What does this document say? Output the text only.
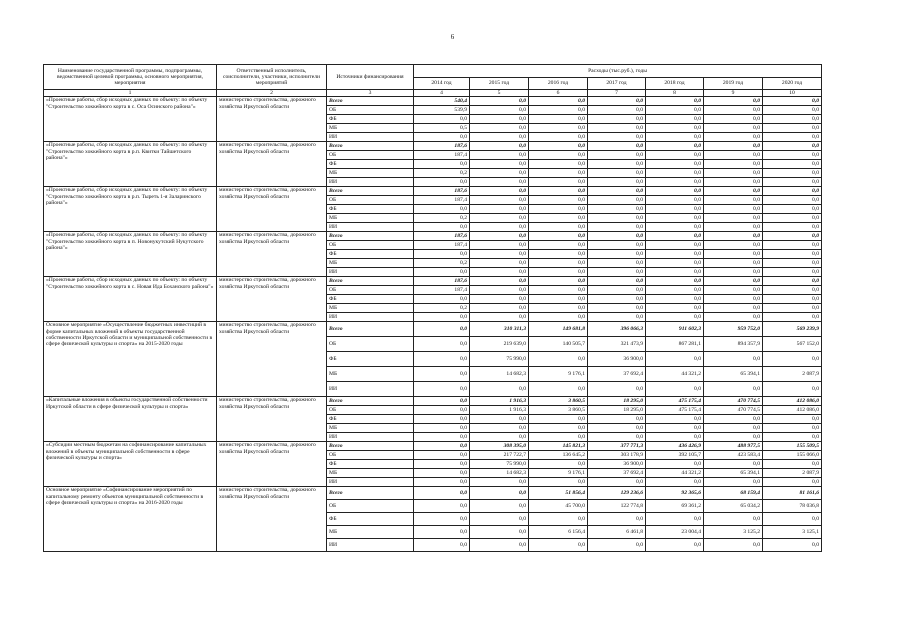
6
Наименование государственной программы, подпрограммы, ведомственной целевой программы, основного мероприятия, мероприятия	Ответственный исполнитель, соисполнители, участники, исполнители мероприятий	Источники финансирования	Расходы (тыс.руб.), годы						
			2014 год	2015 год	2016 год	2017 год	2018 год	2019 год	2020 год
1	2	3	4	5	6	7	8	9	10
«Проектные работы, сбор исходных данных по объекту: по объекту "Строительство хоккейного корта в с. Оса Осинского района"»	министерство строительства, дорожного хозяйства Иркутской области	Всего	540,4	0,0	0,0	0,0	0,0	0,0	0,0
		ОБ	539,9	0,0	0,0	0,0	0,0	0,0	0,0
		ФБ	0,0	0,0	0,0	0,0	0,0	0,0	0,0
		МБ	0,5	0,0	0,0	0,0	0,0	0,0	0,0
		ИИ	0,0	0,0	0,0	0,0	0,0	0,0	0,0
«Проектные работы, сбор исходных данных по объекту: по объекту "Строительство хоккейного корта в р.п. Квитки Тайшетского района"»	министерство строительства, дорожного хозяйства Иркутской области	Всего	187,6	0,0	0,0	0,0	0,0	0,0	0,0
		ОБ	187,4	0,0	0,0	0,0	0,0	0,0	0,0
		ФБ	0,0	0,0	0,0	0,0	0,0	0,0	0,0
		МБ	0,2	0,0	0,0	0,0	0,0	0,0	0,0
		ИИ	0,0	0,0	0,0	0,0	0,0	0,0	0,0
«Проектные работы, сбор исходных данных по объекту: по объекту "Строительство хоккейного корта в р.п. Тыреть 1-я Заларинского района"»	министерство строительства, дорожного хозяйства Иркутской области	Всего	187,6	0,0	0,0	0,0	0,0	0,0	0,0
		ОБ	187,4	0,0	0,0	0,0	0,0	0,0	0,0
		ФБ	0,0	0,0	0,0	0,0	0,0	0,0	0,0
		МБ	0,2	0,0	0,0	0,0	0,0	0,0	0,0
		ИИ	0,0	0,0	0,0	0,0	0,0	0,0	0,0
«Проектные работы, сбор исходных данных по объекту: по объекту "Строительство хоккейного корта в п. Новонукутский Нукутского района"»	министерство строительства, дорожного хозяйства Иркутской области	Всего	187,6	0,0	0,0	0,0	0,0	0,0	0,0
		ОБ	187,4	0,0	0,0	0,0	0,0	0,0	0,0
		ФБ	0,0	0,0	0,0	0,0	0,0	0,0	0,0
		МБ	0,2	0,0	0,0	0,0	0,0	0,0	0,0
		ИИ	0,0	0,0	0,0	0,0	0,0	0,0	0,0
«Проектные работы, сбор исходных данных по объекту: по объекту "Строительство хоккейного корта в с. Новая Ида Боханского района"»	министерство строительства, дорожного хозяйства Иркутской области	Всего	187,6	0,0	0,0	0,0	0,0	0,0	0,0
		ОБ	187,4	0,0	0,0	0,0	0,0	0,0	0,0
		ФБ	0,0	0,0	0,0	0,0	0,0	0,0	0,0
		МБ	0,2	0,0	0,0	0,0	0,0	0,0	0,0
		ИИ	0,0	0,0	0,0	0,0	0,0	0,0	0,0
Основное мероприятие «Осуществление бюджетных инвестиций в форме капитальных вложений в объекты государственной собственности Иркутской области и муниципальной собственности в сфере физической культуры и спорта» на 2015-2020 годы	министерство строительства, дорожного хозяйства Иркутской области	Всего	0,0	310 311,3	149 681,8	396 066,3	911 602,3	959 752,0	569 239,9
		ОБ	0,0	219 639,0	140 505,7	321 473,9	867 281,1	894 357,9	567 152,0
		ФБ	0,0	75 990,0	0,0	36 900,0	0,0	0,0	0,0
		МБ	0,0	14 682,3	9 176,1	37 692,4	44 321,2	65 394,1	2 087,9
		ИИ	0,0	0,0	0,0	0,0	0,0	0,0	0,0
«Капитальные вложения в объекты государственной собственности Иркутской области в сфере физической культуры и спорта»	министерство строительства, дорожного хозяйства Иркутской области	Всего	0,0	1 916,3	3 860,5	18 295,0	475 175,4	470 774,5	412 086,0
		ОБ	0,0	1 916,3	3 860,5	18 295,0	475 175,4	470 774,5	412 086,0
		ФБ	0,0	0,0	0,0	0,0	0,0	0,0	0,0
		МБ	0,0	0,0	0,0	0,0	0,0	0,0	0,0
		ИИ	0,0	0,0	0,0	0,0	0,0	0,0	0,0
«Субсидии местным бюджетам на софинансирование капитальных вложений в объекты муниципальной собственности в сфере физической культуры и спорта»	министерство строительства, дорожного хозяйства Иркутской области	Всего	0,0	308 395,0	145 821,3	377 771,3	436 426,9	488 977,5	155 509,5
		ОБ	0,0	217 722,7	136 645,2	303 178,9	392 105,7	423 583,4	155 066,0
		ФБ	0,0	75 990,0	0,0	36 900,0	0,0	0,0	0,0
		МБ	0,0	14 682,3	9 176,1	37 692,4	44 321,2	65 394,1	2 087,9
		ИИ	0,0	0,0	0,0	0,0	0,0	0,0	0,0
Основное мероприятие «Софинансирование мероприятий по капитальному ремонту объектов муниципальной собственности в сфере физической культуры и спорта» на 2016-2020 годы	министерство строительства, дорожного хозяйства Иркутской области	Всего	0,0	0,0	51 856,4	129 236,6	92 365,6	68 159,4	81 161,6
		ОБ	0,0	0,0	45 700,0	122 774,8	69 361,2	65 034,2	78 036,8
		ФБ	0,0	0,0	0,0	0,0	0,0	0,0	0,0
		МБ	0,0	0,0	6 156,4	6 461,8	23 004,4	3 125,2	3 125,1
		ИИ	0,0	0,0	0,0	0,0	0,0	0,0	0,0
